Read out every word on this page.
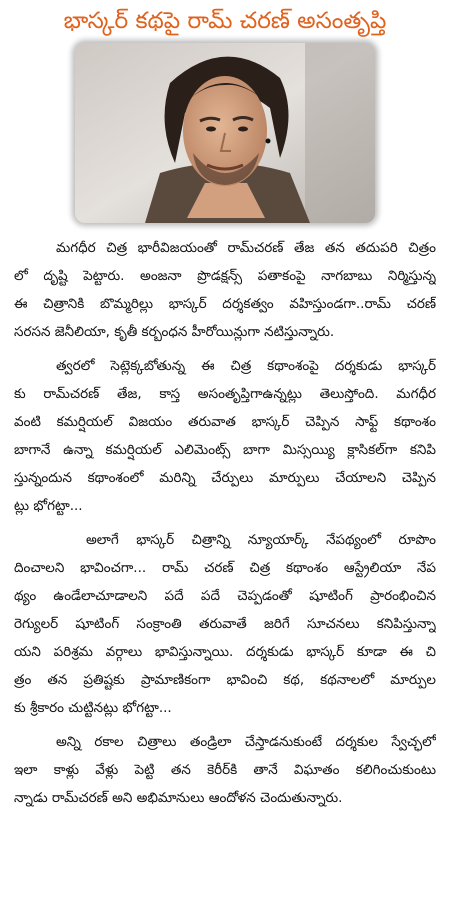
భాస్కర్ కథపై రామ్ చరణ్ అసంతృప్తి
మగధీర చిత్ర భారీవిజయంతో రామ్‌చరణ్ తేజ తన తదుపరి చిత్రం
లో దృష్టి పెట్టారు. అంజనా ప్రొడక్షన్స్ పతాకంపై నాగబాబు నిర్మిస్తున్న
ఈ చిత్రానికి బొమ్మరిల్లు భాస్కర్ దర్శకత్వం వహిస్తుండగా..రామ్ చరణ్
సరసన జెనీలియా, కృతీ కర్బంధన హీరోయిన్లుగా నటిస్తున్నారు.
త్వరలో సెట్లెక్కబోతున్న ఈ చిత్ర కథాంశంపై దర్శకుడు భాస్కర్
కు రామ్‌చరణ్ తేజ, కాస్త అసంతృప్తిగాఉన్నట్లు తెలుస్తోంది. మగధీర
వంటి కమర్షియల్ విజయం తరువాత భాస్కర్ చెప్పిన సాఫ్ట్ కథాంశం
బాగానే ఉన్నా కమర్షియల్ ఎలిమెంట్స్ బాగా మిస్సయ్యి క్లాసికల్‌గా కనిపి
స్తున్నందున కథాంశంలో మరిన్ని చేర్పులు మార్పులు చేయాలని చెప్పిన
ట్లు భోగట్టా...
అలాగే భాస్కర్ చిత్రాన్ని న్యూయార్క్ నేపథ్యంలో రూపొం
దించాలని భావించగా... రామ్ చరణ్ చిత్ర కథాంశం ఆస్ట్రేలియా నేప
థ్యం ఉండేలాచూడాలని పదే పదే చెప్పడంతో షూటింగ్ ప్రారంభించిన
రెగ్యులర్ షూటింగ్ సంక్రాంతి తరువాతే జరిగే సూచనలు కనిపిస్తున్నా
యని పరిశ్రమ వర్గాలు భావిస్తున్నాయి. దర్శకుడు భాస్కర్ కూడా ఈ చి
త్రం తన ప్రతిష్టకు ప్రామాణికంగా భావించి కథ, కథనాలలో మార్పుల
కు శ్రీకారం చుట్టినట్లు భోగట్టా...
అన్ని రకాల చిత్రాలు తండ్రిలా చేస్తాడనుకుంటే దర్శకుల స్వేచ్ఛలో
ఇలా కాళ్లు వేళ్లు పెట్టి తన కెరీర్‌కి తానే విఘాతం కలిగించుకుంటు
న్నాడు రామ్‌చరణ్ అని అభిమానులు ఆందోళన చెందుతున్నారు.
